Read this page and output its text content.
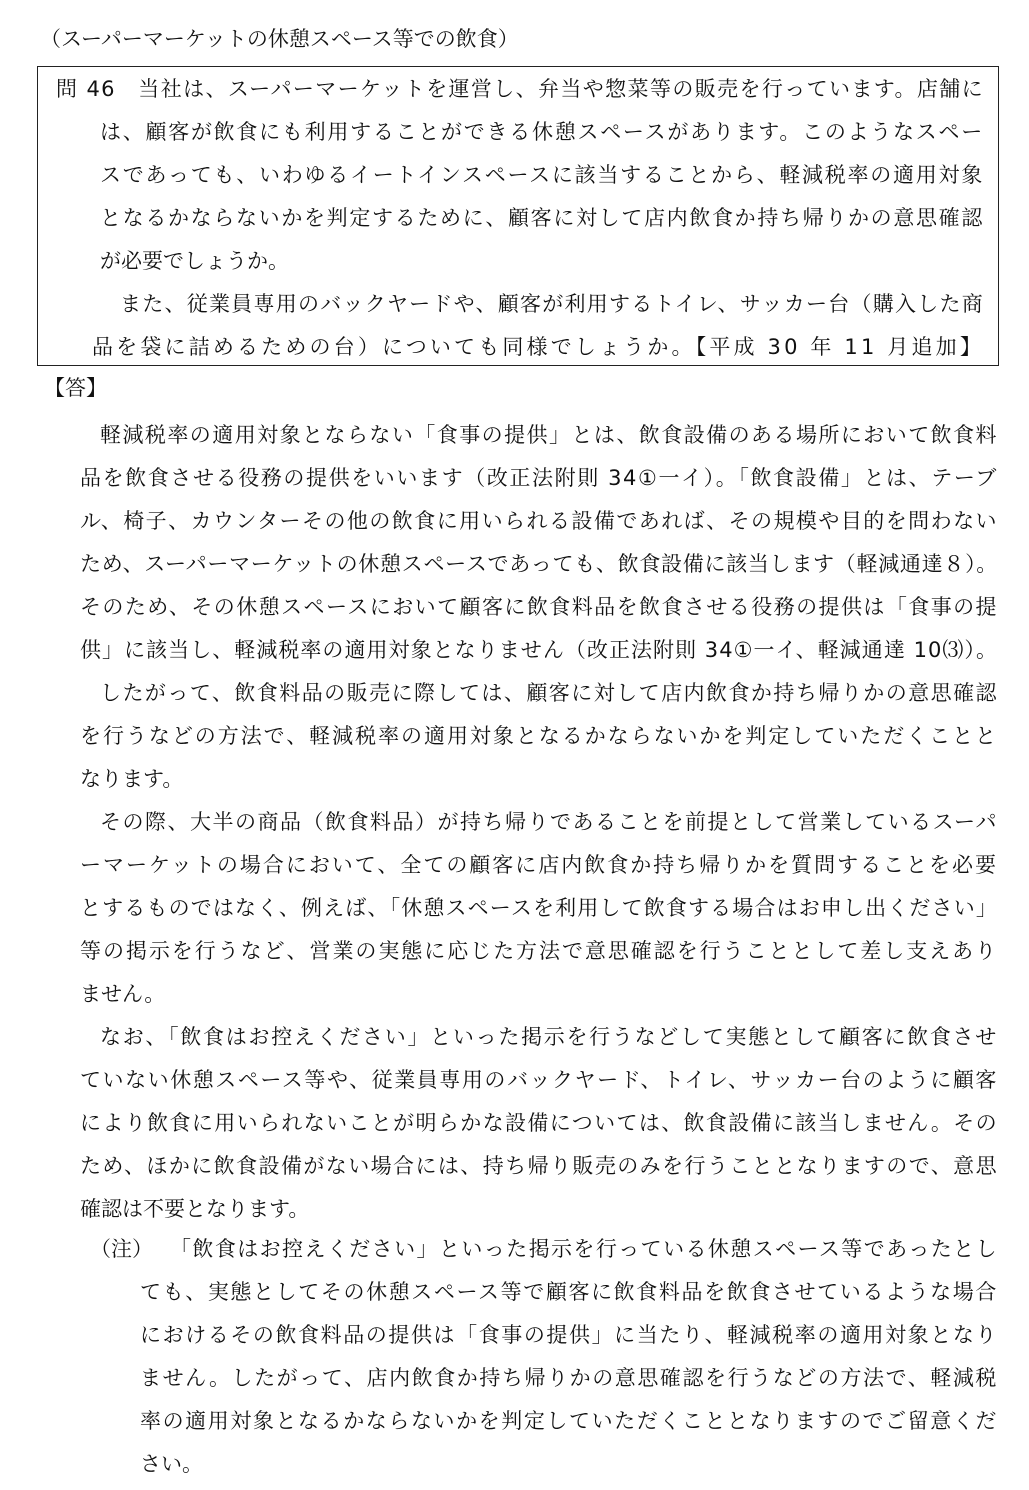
（スーパーマーケットの休憩スペース等での飲食）
問 46　当社は、スーパーマーケットを運営し、弁当や惣菜等の販売を行っています。店舗に
は、顧客が飲食にも利用することができる休憩スペースがあります。このようなスペー
スであっても、いわゆるイートインスペースに該当することから、軽減税率の適用対象
となるかならないかを判定するために、顧客に対して店内飲食か持ち帰りかの意思確認
が必要でしょうか。
また、従業員専用のバックヤードや、顧客が利用するトイレ、サッカー台（購入した商
品を袋に詰めるための台）についても同様でしょうか。【平成 30 年 11 月追加】
【答】
軽減税率の適用対象とならない「食事の提供」とは、飲食設備のある場所において飲食料
品を飲食させる役務の提供をいいます（改正法附則 34①一イ）。「飲食設備」とは、テーブ
ル、椅子、カウンターその他の飲食に用いられる設備であれば、その規模や目的を問わない
ため、スーパーマーケットの休憩スペースであっても、飲食設備に該当します（軽減通達８）。
そのため、その休憩スペースにおいて顧客に飲食料品を飲食させる役務の提供は「食事の提
供」に該当し、軽減税率の適用対象となりません（改正法附則 34①一イ、軽減通達 10⑶）。
したがって、飲食料品の販売に際しては、顧客に対して店内飲食か持ち帰りかの意思確認
を行うなどの方法で、軽減税率の適用対象となるかならないかを判定していただくことと
なります。
その際、大半の商品（飲食料品）が持ち帰りであることを前提として営業しているスーパ
ーマーケットの場合において、全ての顧客に店内飲食か持ち帰りかを質問することを必要
とするものではなく、例えば、「休憩スペースを利用して飲食する場合はお申し出ください」
等の掲示を行うなど、営業の実態に応じた方法で意思確認を行うこととして差し支えあり
ません。
なお、「飲食はお控えください」といった掲示を行うなどして実態として顧客に飲食させ
ていない休憩スペース等や、従業員専用のバックヤード、トイレ、サッカー台のように顧客
により飲食に用いられないことが明らかな設備については、飲食設備に該当しません。その
ため、ほかに飲食設備がない場合には、持ち帰り販売のみを行うこととなりますので、意思
確認は不要となります。
（注） 「飲食はお控えください」といった掲示を行っている休憩スペース等であったとし
ても、実態としてその休憩スペース等で顧客に飲食料品を飲食させているような場合
におけるその飲食料品の提供は「食事の提供」に当たり、軽減税率の適用対象となり
ません。したがって、店内飲食か持ち帰りかの意思確認を行うなどの方法で、軽減税
率の適用対象となるかならないかを判定していただくこととなりますのでご留意くだ
さい。
